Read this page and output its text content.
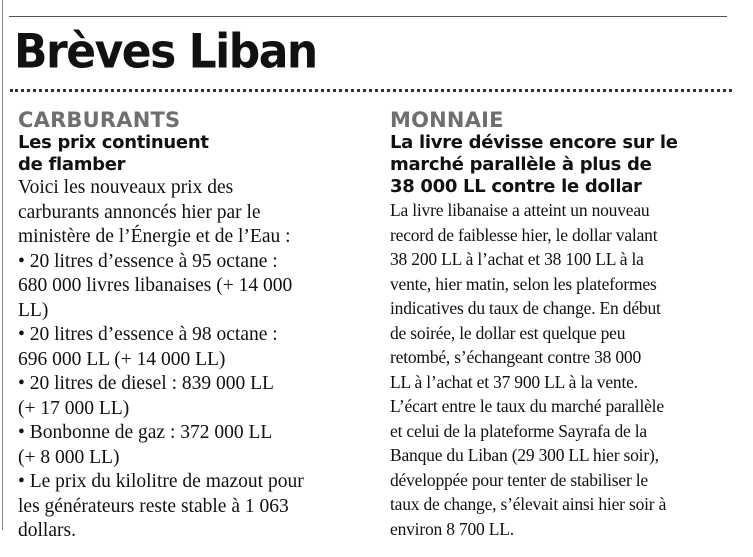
Brèves Liban
CARBURANTS
Les prix continuent
de flamber
Voici les nouveaux prix des
carburants annoncés hier par le
ministère de l’Énergie et de l’Eau :
• 20 litres d’essence à 95 octane :
680 000 livres libanaises (+ 14 000
LL)
• 20 litres d’essence à 98 octane :
696 000 LL (+ 14 000 LL)
• 20 litres de diesel : 839 000 LL
(+ 17 000 LL)
• Bonbonne de gaz : 372 000 LL
(+ 8 000 LL)
• Le prix du kilolitre de mazout pour
les générateurs reste stable à 1 063
dollars.
MONNAIE
La livre dévisse encore sur le
marché parallèle à plus de
38 000 LL contre le dollar
La livre libanaise a atteint un nouveau
record de faiblesse hier, le dollar valant
38 200 LL à l’achat et 38 100 LL à la
vente, hier matin, selon les plateformes
indicatives du taux de change. En début
de soirée, le dollar est quelque peu
retombé, s’échangeant contre 38 000
LL à l’achat et 37 900 LL à la vente.
L’écart entre le taux du marché parallèle
et celui de la plateforme Sayrafa de la
Banque du Liban (29 300 LL hier soir),
développée pour tenter de stabiliser le
taux de change, s’élevait ainsi hier soir à
environ 8 700 LL.
